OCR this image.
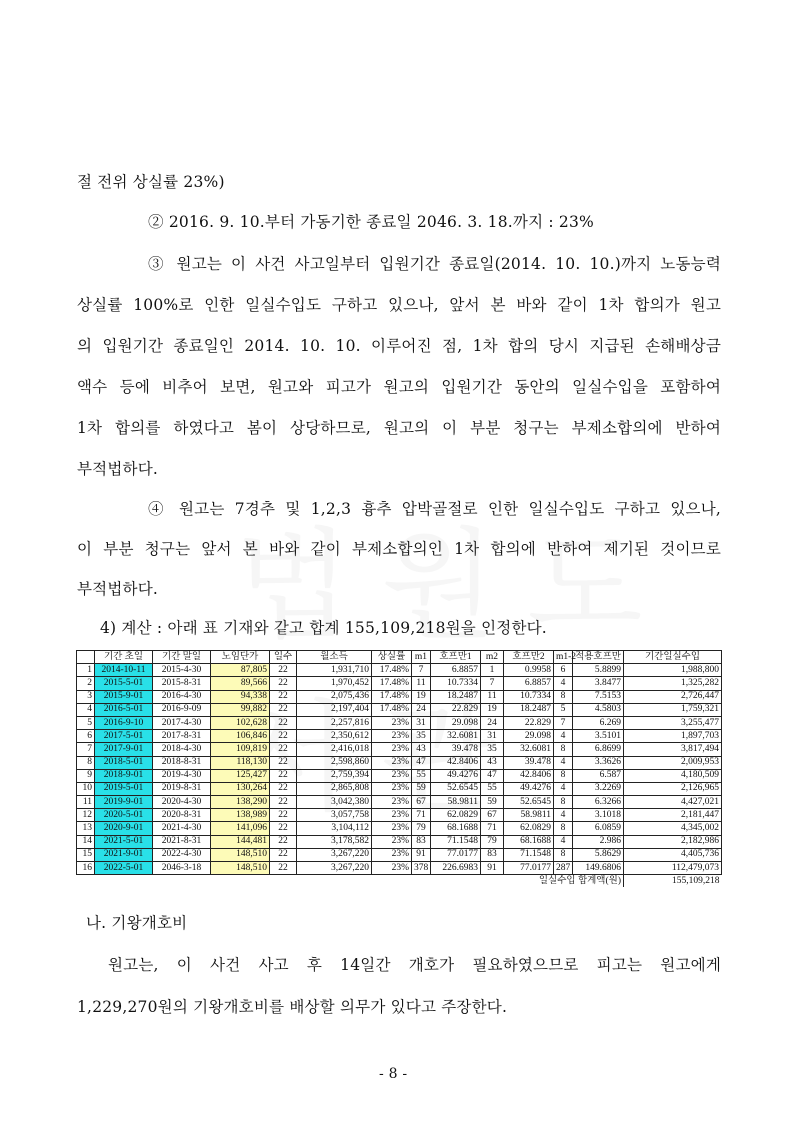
절 전위 상실률 23%)
② 2016. 9. 10.부터 가동기한 종료일 2046. 3. 18.까지 : 23%
③ 원고는 이 사건 사고일부터 입원기간 종료일(2014. 10. 10.)까지 노동능력
상실률 100%로 인한 일실수입도 구하고 있으나, 앞서 본 바와 같이 1차 합의가 원고
의 입원기간 종료일인 2014. 10. 10. 이루어진 점, 1차 합의 당시 지급된 손해배상금
액수 등에 비추어 보면, 원고와 피고가 원고의 입원기간 동안의 일실수입을 포함하여
1차 합의를 하였다고 봄이 상당하므로, 원고의 이 부분 청구는 부제소합의에 반하여
부적법하다.
④ 원고는 7경추 및 1,2,3 흉추 압박골절로 인한 일실수입도 구하고 있으나,
이 부분 청구는 앞서 본 바와 같이 부제소합의인 1차 합의에 반하여 제기된 것이므로
부적법하다.
4) 계산 : 아래 표 기재와 같고 합계 155,109,218원을 인정한다.
	기간 초일	기간 말일	노임단가	일수	월소득	상실률	m1	호프만1	m2	호프만2	m1-2	적용호프만	기간일실수입
1	2014-10-11	2015-4-30	87,805	22	1,931,710	17.48%	7	6.8857	1	0.9958	6	5.8899	1,988,800
2	2015-5-01	2015-8-31	89,566	22	1,970,452	17.48%	11	10.7334	7	6.8857	4	3.8477	1,325,282
3	2015-9-01	2016-4-30	94,338	22	2,075,436	17.48%	19	18.2487	11	10.7334	8	7.5153	2,726,447
4	2016-5-01	2016-9-09	99,882	22	2,197,404	17.48%	24	22.829	19	18.2487	5	4.5803	1,759,321
5	2016-9-10	2017-4-30	102,628	22	2,257,816	23%	31	29.098	24	22.829	7	6.269	3,255,477
6	2017-5-01	2017-8-31	106,846	22	2,350,612	23%	35	32.6081	31	29.098	4	3.5101	1,897,703
7	2017-9-01	2018-4-30	109,819	22	2,416,018	23%	43	39.478	35	32.6081	8	6.8699	3,817,494
8	2018-5-01	2018-8-31	118,130	22	2,598,860	23%	47	42.8406	43	39.478	4	3.3626	2,009,953
9	2018-9-01	2019-4-30	125,427	22	2,759,394	23%	55	49.4276	47	42.8406	8	6.587	4,180,509
10	2019-5-01	2019-8-31	130,264	22	2,865,808	23%	59	52.6545	55	49.4276	4	3.2269	2,126,965
11	2019-9-01	2020-4-30	138,290	22	3,042,380	23%	67	58.9811	59	52.6545	8	6.3266	4,427,021
12	2020-5-01	2020-8-31	138,989	22	3,057,758	23%	71	62.0829	67	58.9811	4	3.1018	2,181,447
13	2020-9-01	2021-4-30	141,096	22	3,104,112	23%	79	68.1688	71	62.0829	8	6.0859	4,345,002
14	2021-5-01	2021-8-31	144,481	22	3,178,582	23%	83	71.1548	79	68.1688	4	2.986	2,182,986
15	2021-9-01	2022-4-30	148,510	22	3,267,220	23%	91	77.0177	83	71.1548	8	5.8629	4,405,736
16	2022-5-01	2046-3-18	148,510	22	3,267,220	23%	378	226.6983	91	77.0177	287	149.6806	112,479,073
일실수입 합계액(원)													155,109,218
나. 기왕개호비
원고는, 이 사건 사고 후 14일간 개호가 필요하였으므로 피고는 원고에게
1,229,270원의 기왕개호비를 배상할 의무가 있다고 주장한다.
- 8 -
